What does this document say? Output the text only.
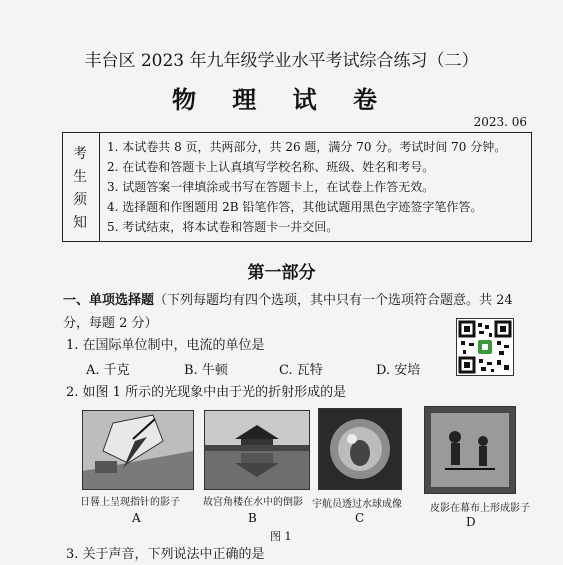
丰台区 2023 年九年级学业水平考试综合练习（二）
物 理 试 卷
2023. 06
考
生
须
知
1. 本试卷共 8 页，共两部分，共 26 题，满分 70 分。考试时间 70 分钟。
2. 在试卷和答题卡上认真填写学校名称、班级、姓名和考号。
3. 试题答案一律填涂或书写在答题卡上，在试卷上作答无效。
4. 选择题和作图题用 2B 铅笔作答，其他试题用黑色字迹签字笔作答。
5. 考试结束，将本试卷和答题卡一并交回。
第一部分
一、单项选择题（下列每题均有四个选项，其中只有一个选项符合题意。共 24 分，每题 2 分）
1. 在国际单位制中，电流的单位是
A. 千克	B. 牛顿	C. 瓦特	D. 安培
2. 如图 1 所示的光现象中由于光的折射形成的是
日晷上呈现指针的影子
A
故宫角楼在水中的倒影
B
宇航员透过水球成像
C
皮影在幕布上形成影子
D
图 1
3. 关于声音，下列说法中正确的是
